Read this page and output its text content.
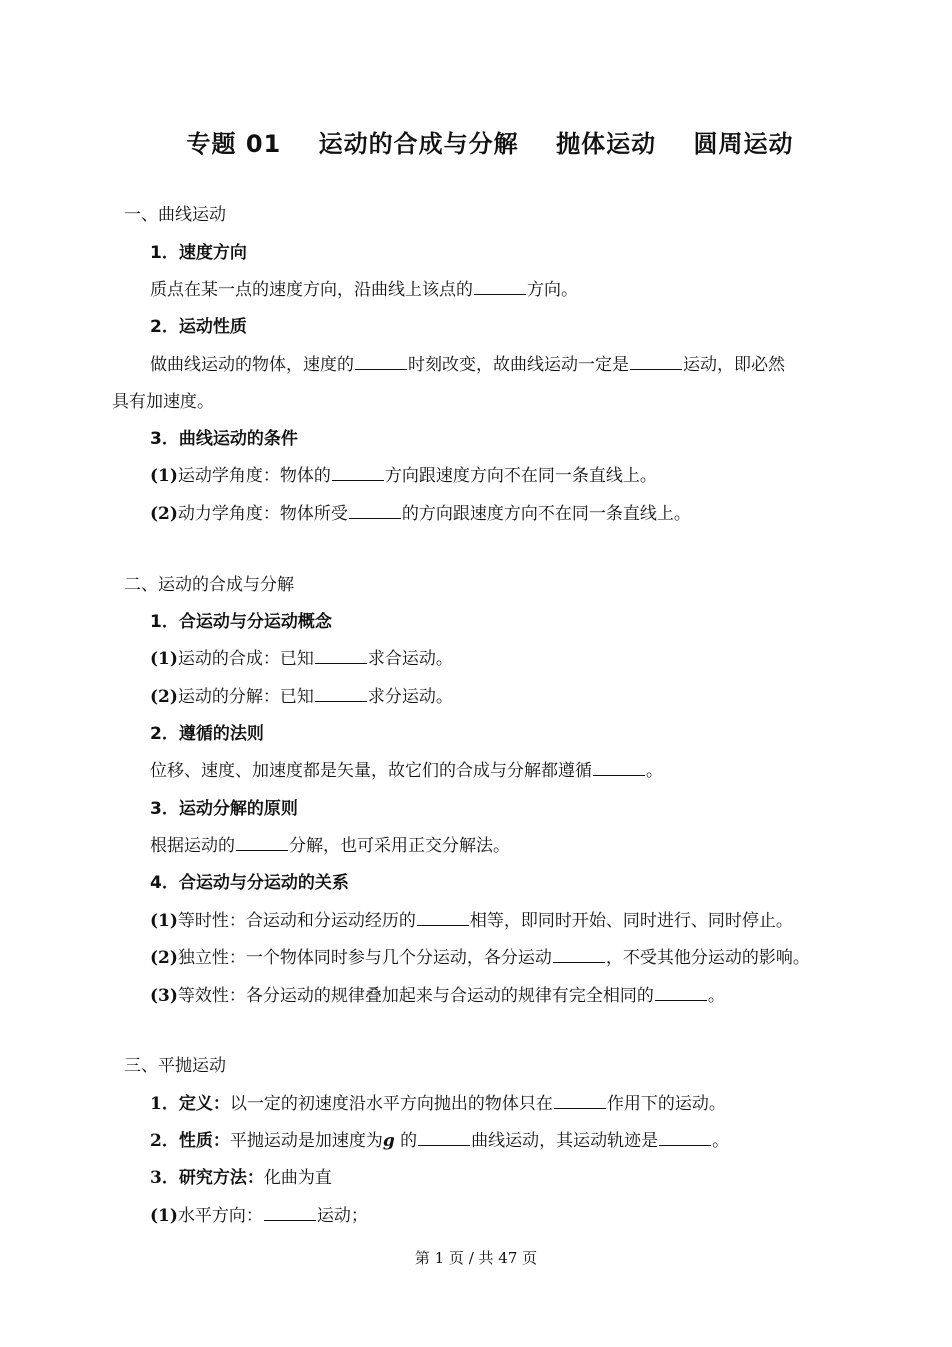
专题 01    运动的合成与分解    抛体运动    圆周运动
一、曲线运动
1．速度方向
质点在某一点的速度方向，沿曲线上该点的	方向。
2．运动性质
做曲线运动的物体，速度的	时刻改变，故曲线运动一定是	运动，即必然
具有加速度。
3．曲线运动的条件
(1)运动学角度：物体的	方向跟速度方向不在同一条直线上。
(2)动力学角度：物体所受	的方向跟速度方向不在同一条直线上。
二、运动的合成与分解
1．合运动与分运动概念
(1)运动的合成：已知	求合运动。
(2)运动的分解：已知	求分运动。
2．遵循的法则
位移、速度、加速度都是矢量，故它们的合成与分解都遵循	。
3．运动分解的原则
根据运动的	分解，也可采用正交分解法。
4．合运动与分运动的关系
(1)等时性：合运动和分运动经历的	相等，即同时开始、同时进行、同时停止。
(2)独立性：一个物体同时参与几个分运动，各分运动	，不受其他分运动的影响。
(3)等效性：各分运动的规律叠加起来与合运动的规律有完全相同的	。
三、平抛运动
1．定义：以一定的初速度沿水平方向抛出的物体只在	作用下的运动。
2．性质：平抛运动是加速度为g 的	曲线运动，其运动轨迹是	。
3．研究方法：化曲为直
(1)水平方向：	运动；
第 1 页 / 共 47 页
